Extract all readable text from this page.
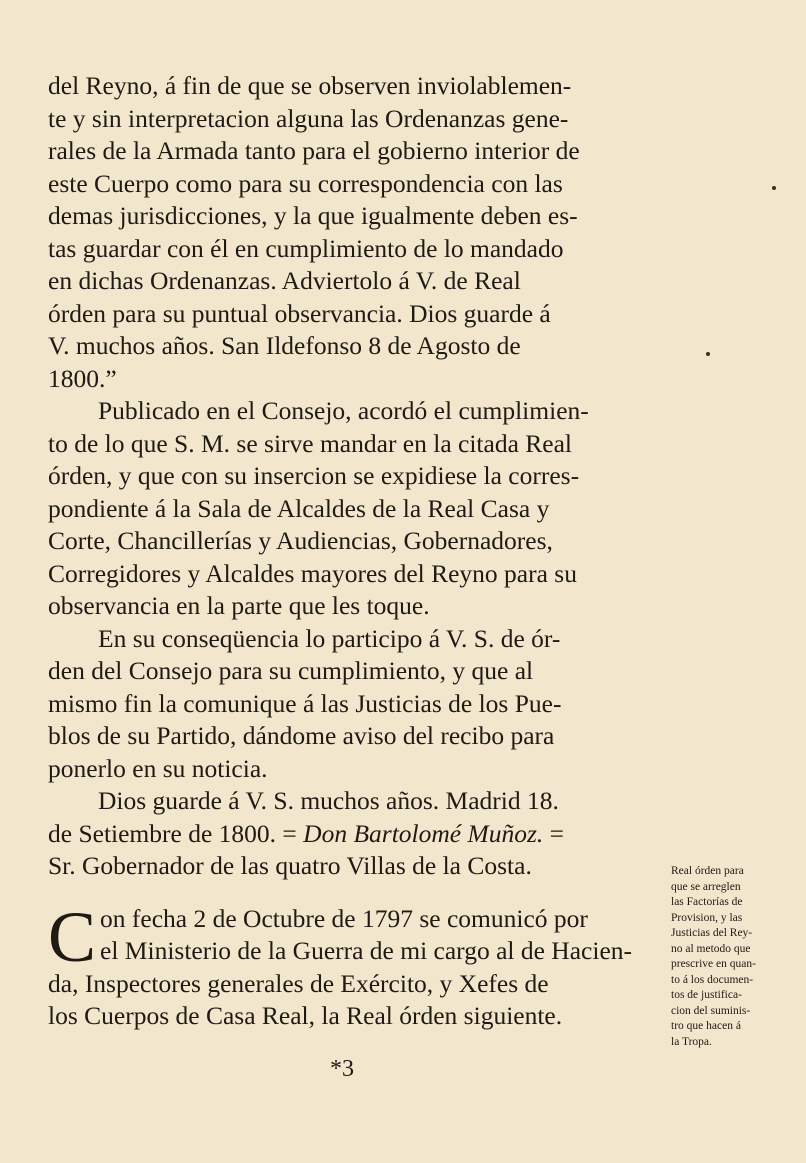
del Reyno, á fin de que se observen inviolablemen-
te y sin interpretacion alguna las Ordenanzas gene-
rales de la Armada tanto para el gobierno interior de
este Cuerpo como para su correspondencia con las
demas jurisdicciones, y la que igualmente deben es-
tas guardar con él en cumplimiento de lo mandado
en dichas Ordenanzas. Adviertolo á V. de Real
órden para su puntual observancia. Dios guarde á
V. muchos años. San Ildefonso 8 de Agosto de
1800.”
Publicado en el Consejo, acordó el cumplimien-
to de lo que S. M. se sirve mandar en la citada Real
órden, y que con su insercion se expidiese la corres-
pondiente á la Sala de Alcaldes de la Real Casa y
Corte, Chancillerías y Audiencias, Gobernadores,
Corregidores y Alcaldes mayores del Reyno para su
observancia en la parte que les toque.
En su conseqüencia lo participo á V. S. de ór-
den del Consejo para su cumplimiento, y que al
mismo fin la comunique á las Justicias de los Pue-
blos de su Partido, dándome aviso del recibo para
ponerlo en su noticia.
Dios guarde á V. S. muchos años. Madrid 18.
de Setiembre de 1800. = Don Bartolomé Muñoz. =
Sr. Gobernador de las quatro Villas de la Costa.
C on fecha 2 de Octubre de 1797 se comunicó por
el Ministerio de la Guerra de mi cargo al de Hacien-
da, Inspectores generales de Exército, y Xefes de
los Cuerpos de Casa Real, la Real órden siguiente.
*3
Real órden para
que se arreglen
las Factorías de
Provision, y las
Justicias del Rey-
no al metodo que
prescrive en quan-
to á los documen-
tos de justifica-
cion del suminis-
tro que hacen á
la Tropa.
